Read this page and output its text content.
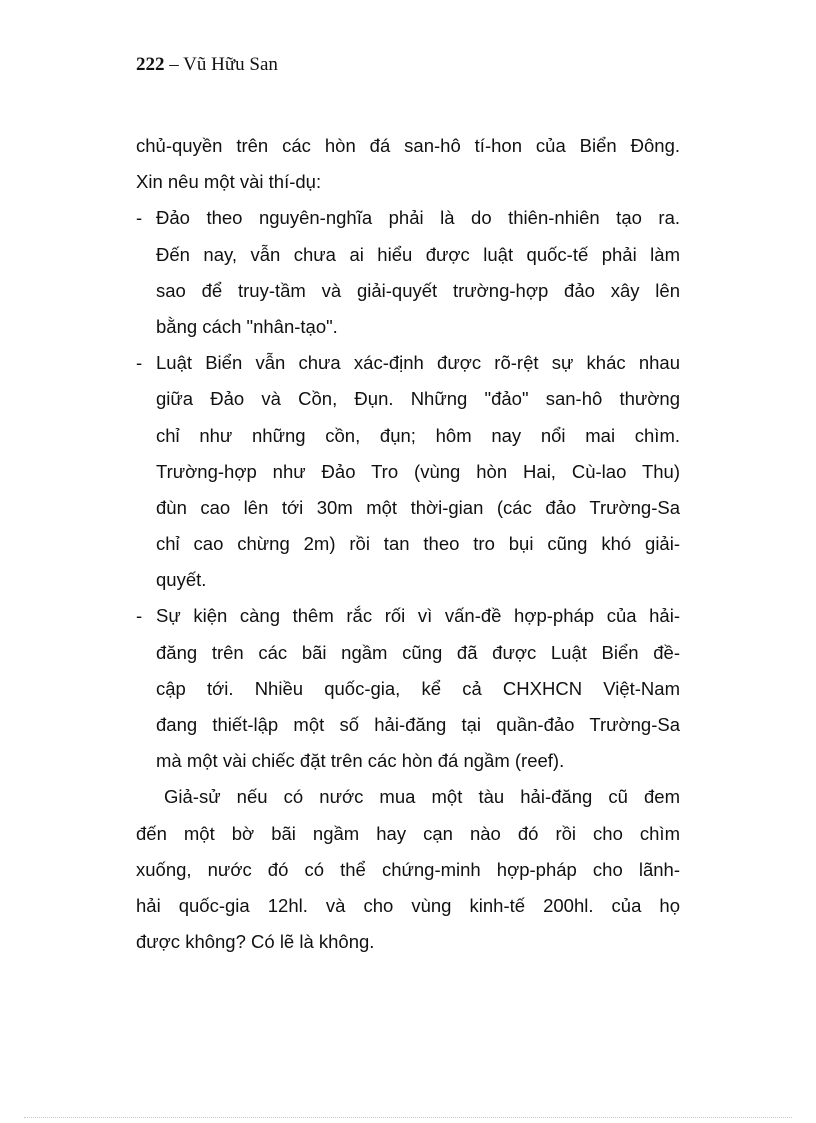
222 – Vũ Hữu San
chủ-quyền trên các hòn đá san-hô tí-hon của Biển Đông.
Xin nêu một vài thí-dụ:
- Đảo theo nguyên-nghĩa phải là do thiên-nhiên tạo ra.
Đến nay, vẫn chưa ai hiểu được luật quốc-tế phải làm
sao để truy-tầm và giải-quyết trường-hợp đảo xây lên
bằng cách "nhân-tạo".
- Luật Biển vẫn chưa xác-định được rõ-rệt sự khác nhau
giữa Đảo và Cồn, Đụn. Những "đảo" san-hô thường
chỉ như những cồn, đụn; hôm nay nổi mai chìm.
Trường-hợp như Đảo Tro (vùng hòn Hai, Cù-lao Thu)
đùn cao lên tới 30m một thời-gian (các đảo Trường-Sa
chỉ cao chừng 2m) rồi tan theo tro bụi cũng khó giải-
quyết.
- Sự kiện càng thêm rắc rối vì vấn-đề hợp-pháp của hải-
đăng trên các bãi ngầm cũng đã được Luật Biển đề-
cập tới. Nhiều quốc-gia, kể cả CHXHCN Việt-Nam
đang thiết-lập một số hải-đăng tại quần-đảo Trường-Sa
mà một vài chiếc đặt trên các hòn đá ngầm (reef).
Giả-sử nếu có nước mua một tàu hải-đăng cũ đem
đến một bờ bãi ngầm hay cạn nào đó rồi cho chìm
xuống, nước đó có thể chứng-minh hợp-pháp cho lãnh-
hải quốc-gia 12hl. và cho vùng kinh-tế 200hl. của họ
được không? Có lẽ là không.
